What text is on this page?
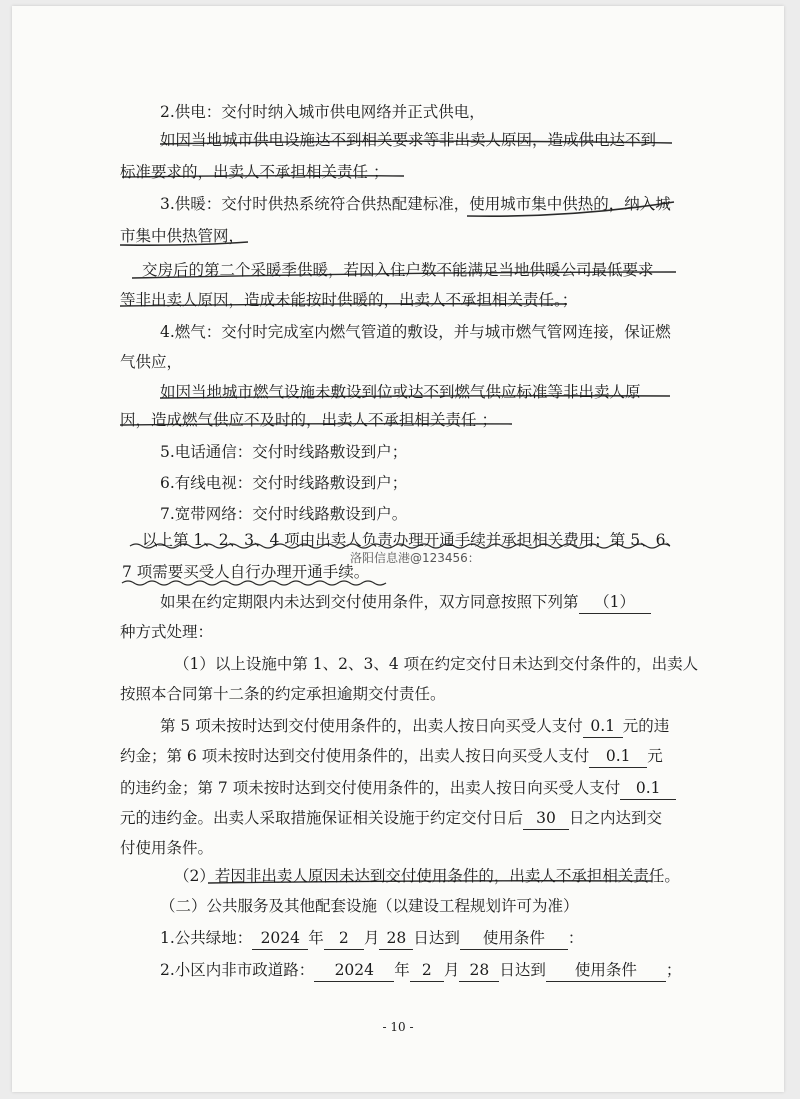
2.供电：交付时纳入城市供电网络并正式供电，
如因当地城市供电设施达不到相关要求等非出卖人原因，造成供电达不到
标准要求的，出卖人不承担相关责任 ；
3.供暖：交付时供热系统符合供热配建标准，使用城市集中供热的，纳入城
市集中供热管网，
交房后的第二个采暖季供暖，若因入住户数不能满足当地供暖公司最低要求
等非出卖人原因，造成未能按时供暖的，出卖人不承担相关责任。；
4.燃气：交付时完成室内燃气管道的敷设，并与城市燃气管网连接，保证燃
气供应，
如因当地城市燃气设施未敷设到位或达不到燃气供应标准等非出卖人原
因，造成燃气供应不及时的，出卖人不承担相关责任 ；
5.电话通信：交付时线路敷设到户；
6.有线电视：交付时线路敷设到户；
7.宽带网络：交付时线路敷设到户。
以上第 1、2、3、4 项由出卖人负责办理开通手续并承担相关费用；第 5、6、
洛阳信息港@123456：
7 项需要买受人自行办理开通手续。
如果在约定期限内未达到交付使用条件，双方同意按照下列第 （1）
种方式处理：
（1）以上设施中第 1、2、3、4 项在约定交付日未达到交付条件的，出卖人
按照本合同第十二条的约定承担逾期交付责任。
第 5 项未按时达到交付使用条件的，出卖人按日向买受人支付 0.1 元的违
约金；第 6 项未按时达到交付使用条件的，出卖人按日向买受人支付 0.1 元
的违约金；第 7 项未按时达到交付使用条件的，出卖人按日向买受人支付 0.1
元的违约金。出卖人采取措施保证相关设施于约定交付日后 30 日之内达到交
付使用条件。
（2）若因非出卖人原因未达到交付使用条件的，出卖人不承担相关责任。
（二）公共服务及其他配套设施（以建设工程规划许可为准）
1.公共绿地： 2024 年 2 月 28 日达到 使用条件 ：
2.小区内非市政道路： 2024 年 2 月 28 日达到 使用条件 ；
- 10 -
